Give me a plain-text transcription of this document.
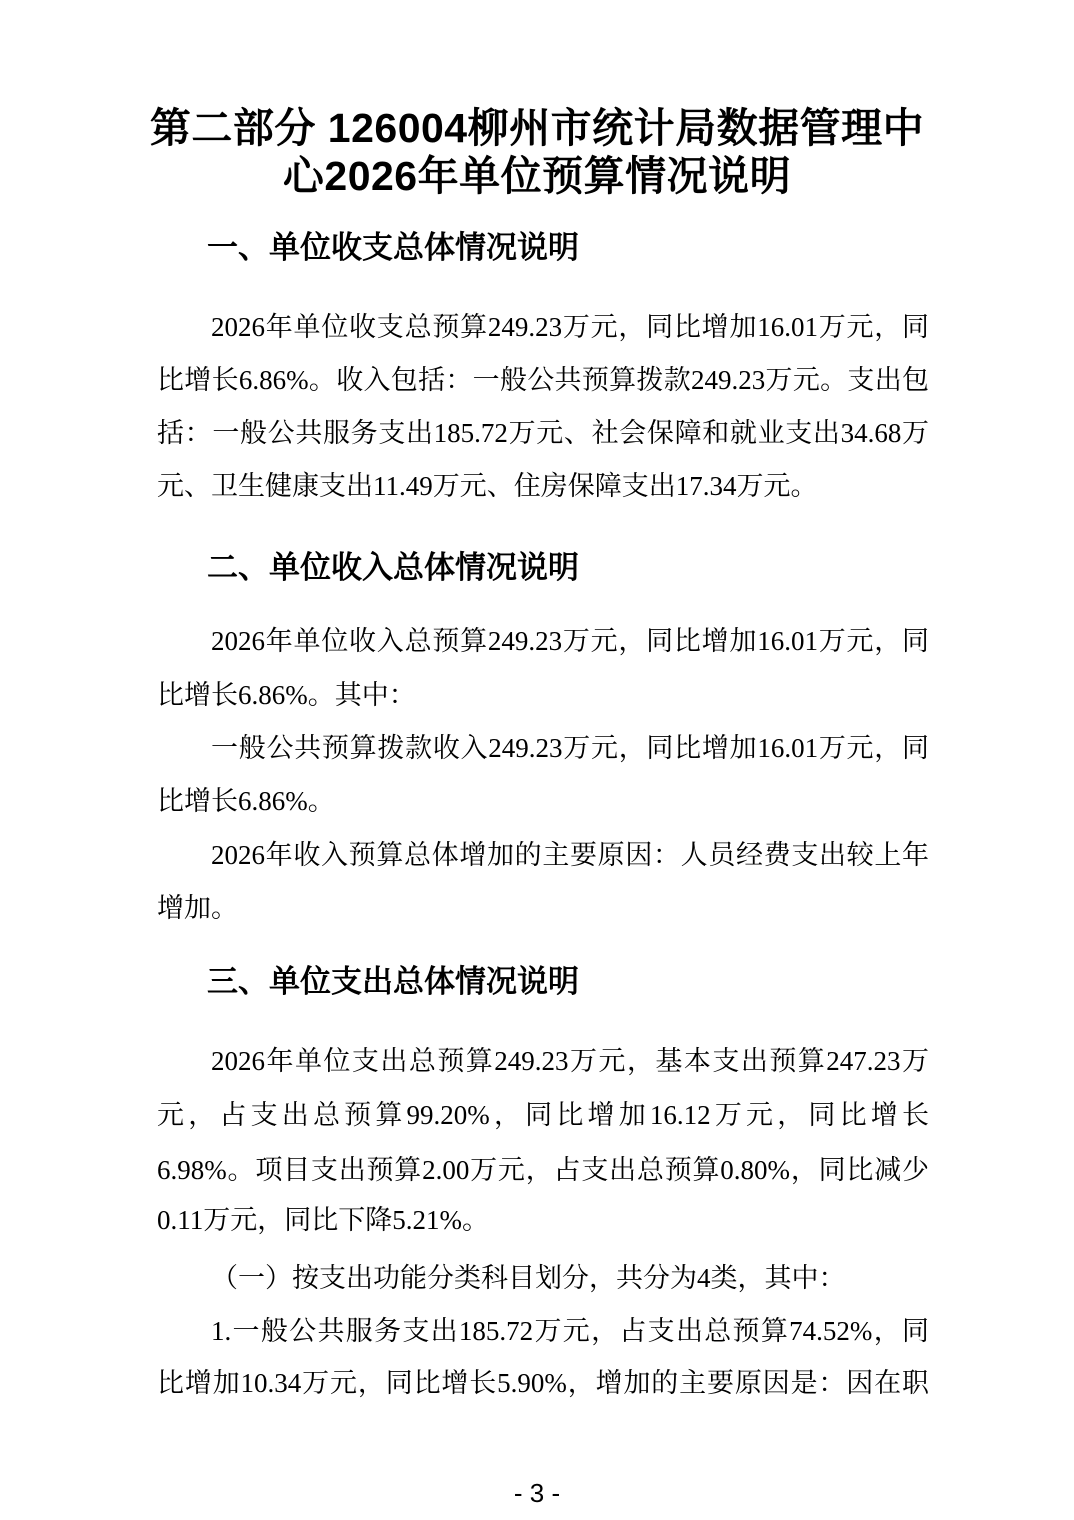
第二部分 126004柳州市统计局数据管理中
心2026年单位预算情况说明
一、单位收支总体情况说明
2026年单位收支总预算249.23万元，同比增加16.01万元，同
比增长6.86%。收入包括：一般公共预算拨款249.23万元。支出包
括：一般公共服务支出185.72万元、社会保障和就业支出34.68万
元、卫生健康支出11.49万元、住房保障支出17.34万元。
二、单位收入总体情况说明
2026年单位收入总预算249.23万元，同比增加16.01万元，同
比增长6.86%。其中：
一般公共预算拨款收入249.23万元，同比增加16.01万元，同
比增长6.86%。
2026年收入预算总体增加的主要原因：人员经费支出较上年
增加。
三、单位支出总体情况说明
2026年单位支出总预算249.23万元，基本支出预算247.23万
元，占支出总预算99.20%，同比增加16.12万元，同比增长
6.98%。项目支出预算2.00万元，占支出总预算0.80%，同比减少
0.11万元，同比下降5.21%。
（一）按支出功能分类科目划分，共分为4类，其中：
1.一般公共服务支出185.72万元，占支出总预算74.52%，同
比增加10.34万元，同比增长5.90%，增加的主要原因是：因在职
- 3 -
